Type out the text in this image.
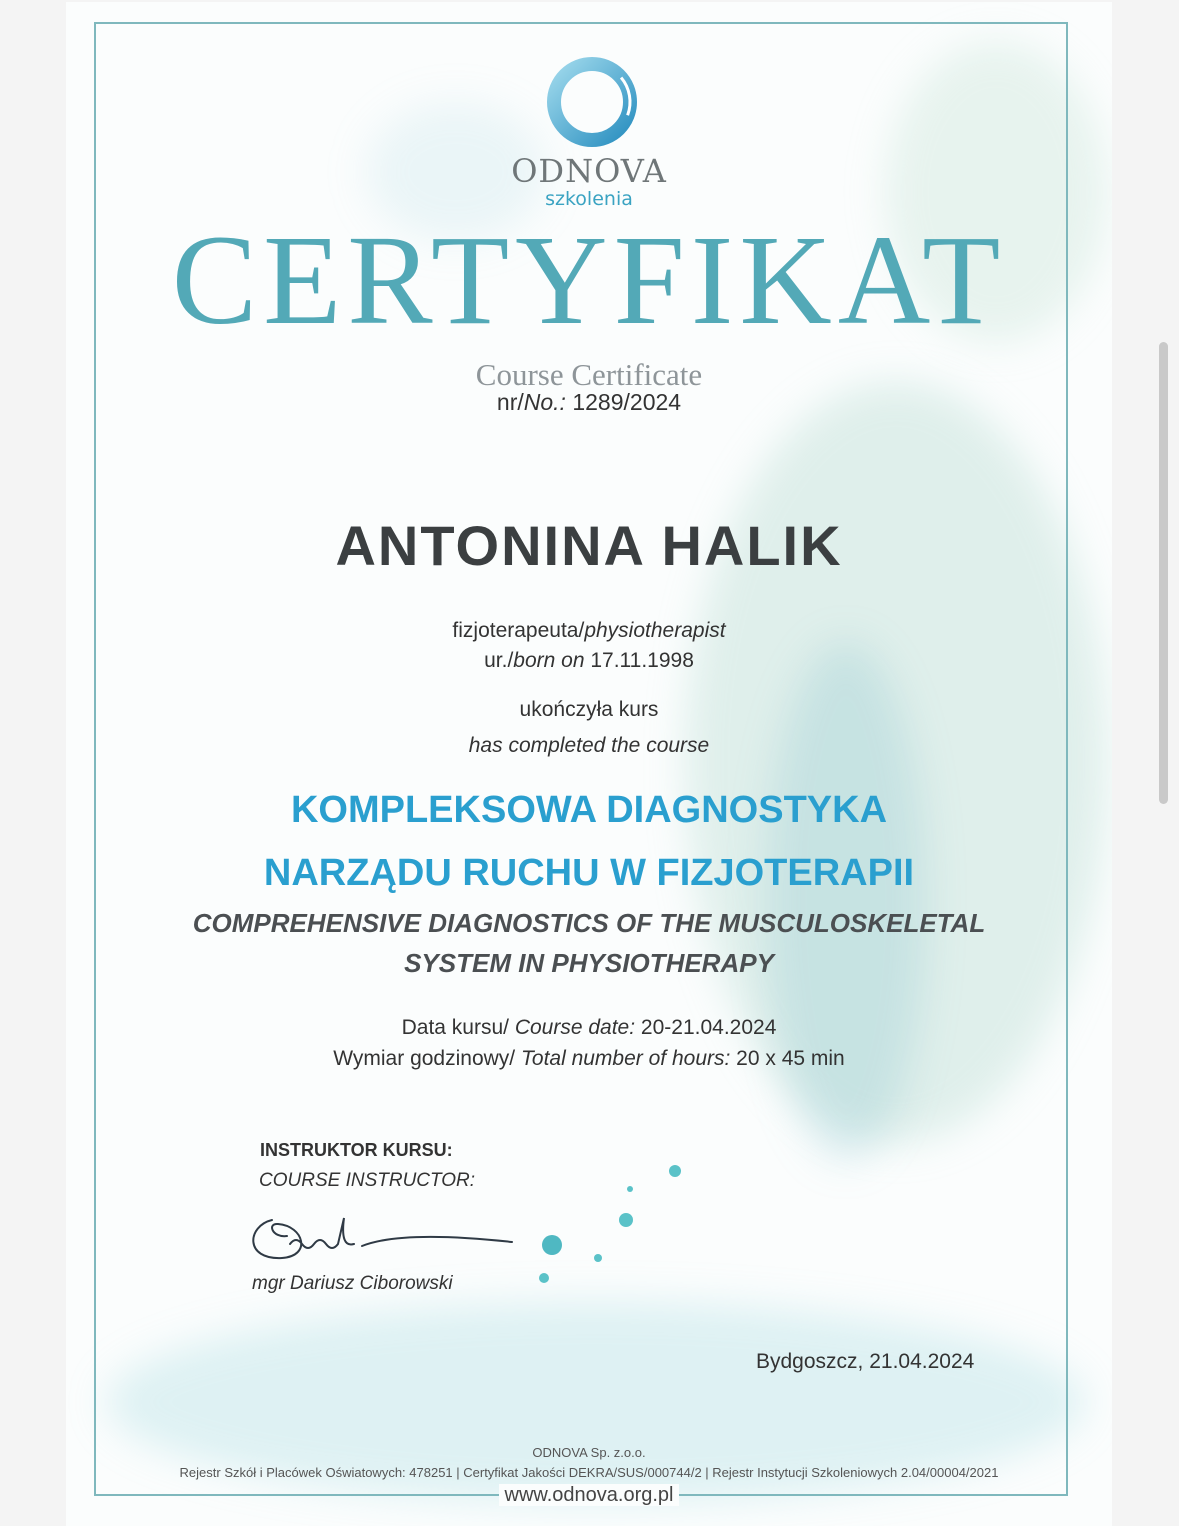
ODNOVA
szkolenia
CERTYFIKAT
Course Certificate
nr/No.: 1289/2024
ANTONINA HALIK
fizjoterapeuta/physiotherapist
ur./born on 17.11.1998
ukończyła kurs
has completed the course
KOMPLEKSOWA DIAGNOSTYKA
NARZĄDU RUCHU W FIZJOTERAPII
COMPREHENSIVE DIAGNOSTICS OF THE MUSCULOSKELETAL
SYSTEM IN PHYSIOTHERAPY
Data kursu/ Course date: 20-21.04.2024
Wymiar godzinowy/ Total number of hours: 20 x 45 min
INSTRUKTOR KURSU:
COURSE INSTRUCTOR:
mgr Dariusz Ciborowski
Bydgoszcz, 21.04.2024
ODNOVA Sp. z.o.o.
Rejestr Szkół i Placówek Oświatowych: 478251 | Certyfikat Jakości DEKRA/SUS/000744/2 | Rejestr Instytucji Szkoleniowych 2.04/00004/2021
www.odnova.org.pl
